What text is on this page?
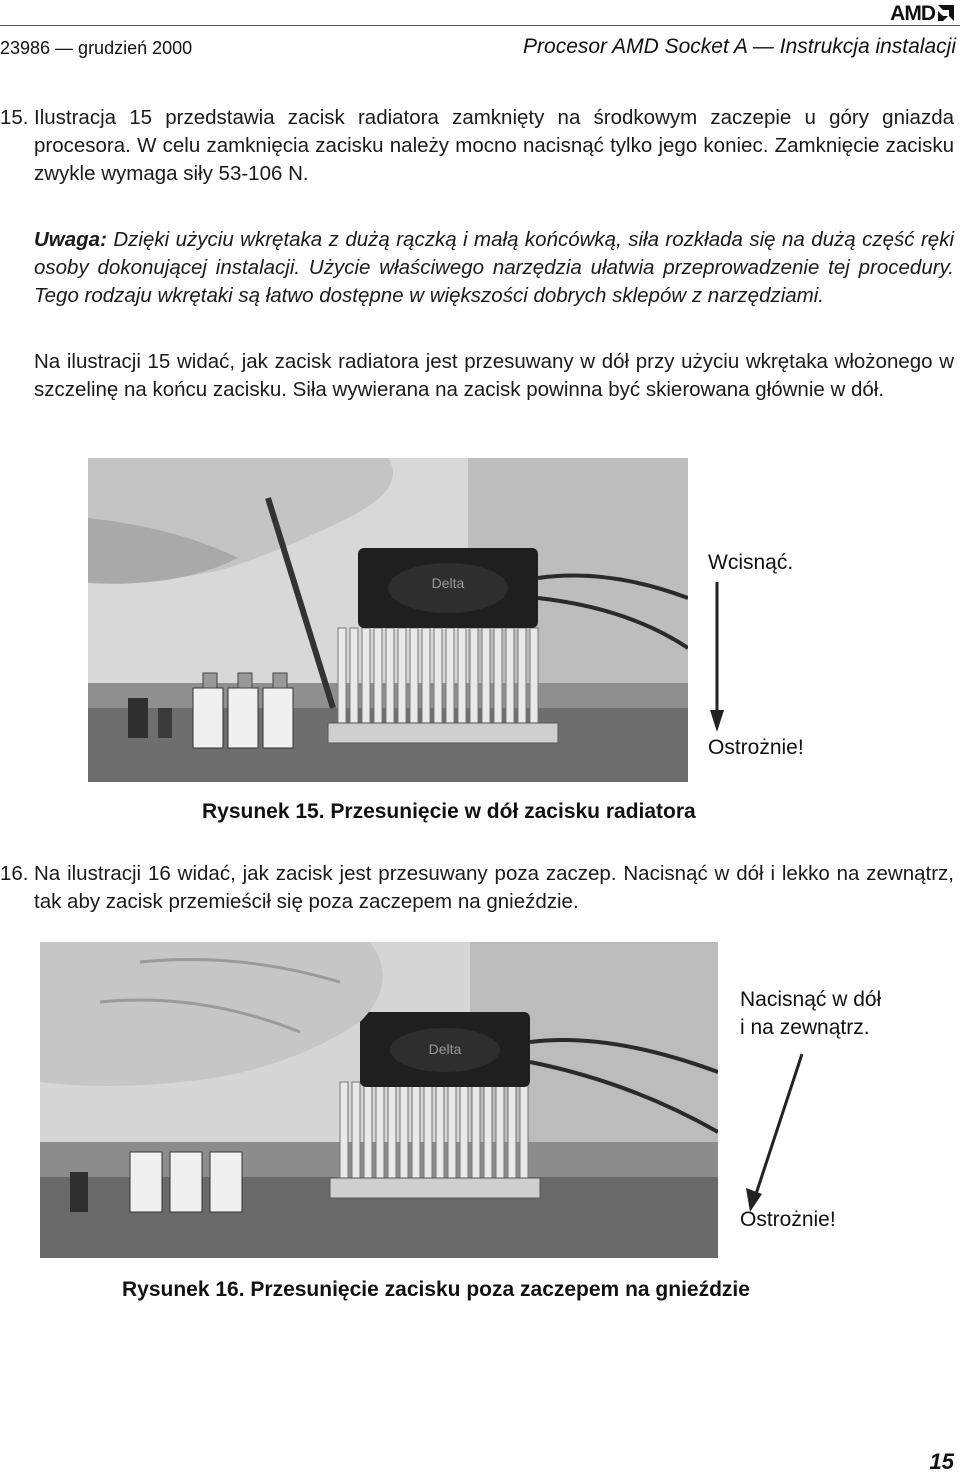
AMD
23986 — grudzień 2000	Procesor AMD Socket A — Instrukcja instalacji
15. Ilustracja 15 przedstawia zacisk radiatora zamknięty na środkowym zaczepie u góry gniazda procesora. W celu zamknięcia zacisku należy mocno nacisnąć tylko jego koniec. Zamknięcie zacisku zwykle wymaga siły 53-106 N.
Uwaga: Dzięki użyciu wkrętaka z dużą rączką i małą końcówką, siła rozkłada się na dużą część ręki osoby dokonującej instalacji. Użycie właściwego narzędzia ułatwia przeprowadzenie tej procedury. Tego rodzaju wkrętaki są łatwo dostępne w większości dobrych sklepów z narzędziami.
Na ilustracji 15 widać, jak zacisk radiatora jest przesuwany w dół przy użyciu wkrętaka włożonego w szczelinę na końcu zacisku. Siła wywierana na zacisk powinna być skierowana głównie w dół.
Delta
Wcisnąć.
Ostrożnie!
Rysunek 15. Przesunięcie w dół zacisku radiatora
16. Na ilustracji 16 widać, jak zacisk jest przesuwany poza zaczep. Nacisnąć w dół i lekko na zewnątrz, tak aby zacisk przemieścił się poza zaczepem na gnieździe.
Delta
Nacisnąć w dół
i na zewnątrz.
Ostrożnie!
Rysunek 16. Przesunięcie zacisku poza zaczepem na gnieździe
15
